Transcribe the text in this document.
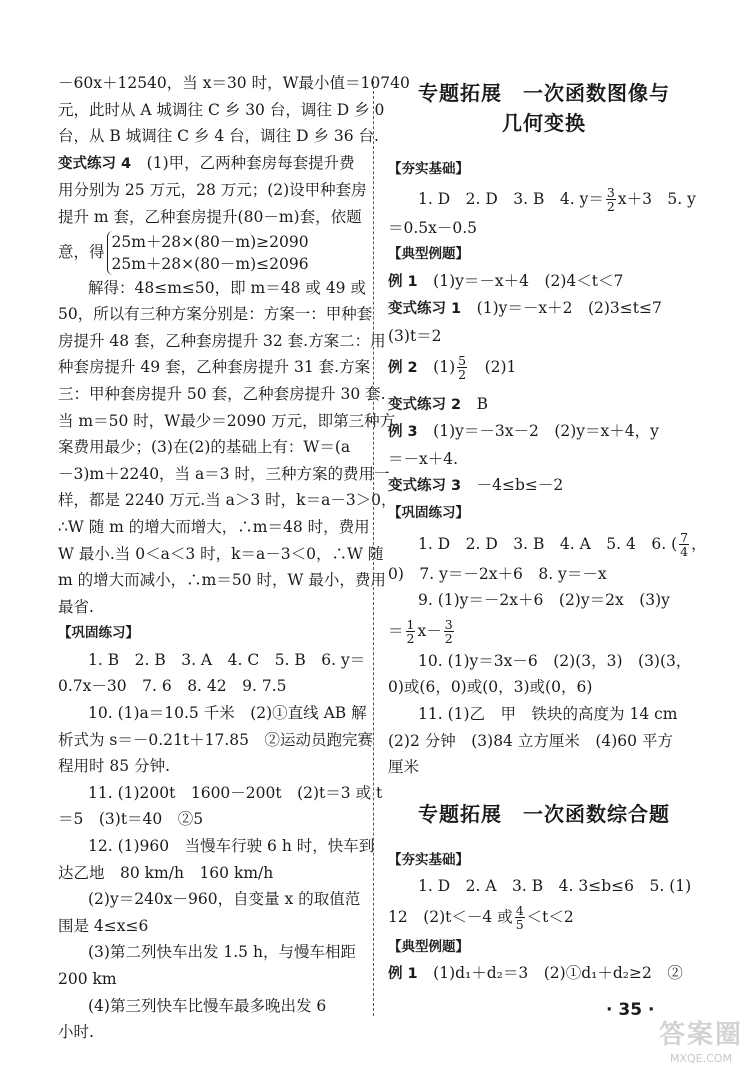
－60x＋12540，当 x＝30 时，W最小值＝10740
元，此时从 A 城调往 C 乡 30 台，调往 D 乡 0
台，从 B 城调往 C 乡 4 台，调往 D 乡 36 台.
变式练习 4　 (1)甲，乙两种套房每套提升费
用分别为 25 万元，28 万元；(2)设甲种套房
提升 m 套，乙种套房提升(80－m)套，依题
意，得
25m＋28×(80－m)≥2090
25m＋28×(80－m)≤2096
解得：48≤m≤50，即 m＝48 或 49 或
50，所以有三种方案分别是：方案一：甲种套
房提升 48 套，乙种套房提升 32 套.方案二：用
种套房提升 49 套，乙种套房提升 31 套.方案
三：甲种套房提升 50 套，乙种套房提升 30 套.
当 m＝50 时，W最少＝2090 万元，即第三种方
案费用最少；(3)在(2)的基础上有：W＝(a
－3)m＋2240，当 a＝3 时，三种方案的费用一
样，都是 2240 万元.当 a＞3 时，k＝a－3＞0，
∴W 随 m 的增大而增大，∴m＝48 时，费用
W 最小.当 0＜a＜3 时，k＝a－3＜0，∴W 随
m 的增大而减小，∴m＝50 时，W 最小，费用
最省.
【巩固练习】
1. B　2. B　3. A　4. C　5. B　6. y＝
0.7x－30　7. 6　8. 42　9. 7.5
10. (1)a＝10.5 千米　(2)①直线 AB 解
析式为 s＝－0.21t＋17.85　②运动员跑完赛
程用时 85 分钟.
11. (1)200t　1600－200t　(2)t＝3 或 t
＝5　(3)t＝40　②5
12. (1)960　当慢车行驶 6 h 时，快车到
达乙地　80 km/h　160 km/h
(2)y＝240x－960，自变量 x 的取值范
围是 4≤x≤6
(3)第二列快车出发 1.5 h，与慢车相距
200 km
(4)第三列快车比慢车最多晚出发 6
小时.
专题拓展　一次函数图像与
几何变换
【夯实基础】
1. D　2. D　3. B　4. $y= \frac{3}{2} x+3$　5. y
＝0.5x－0.5
【典型例题】
例 1　 (1)y＝－x＋4　(2)4＜t＜7
变式练习 1　 (1)y＝－x＋2　(2)3≤t≤7
(3)t＝2
例 2　 $(1) \frac{5}{2}$
　 (2)1
变式练习 2　 B
例 3　 (1)y＝－3x－2　(2)y＝x＋4，y
＝－x＋4.
变式练习 3　 －4≤b≤－2
【巩固练习】
1. D　2. D　3. B　4. A　5. 4　6. ( $\frac{7}{4}$ ，
0)　7. y＝－2x＋6　8. y＝－x
9. (1)y＝－2x＋6　(2)y＝2x　(3)y
＝ $\frac{1}{2} x- \frac{3}{2}$
10. (1)y＝3x－6　(2)(3，3)　(3)(3，
0)或(6，0)或(0，3)或(0，6)
11. (1)乙　甲　铁块的高度为 14 cm
(2)2 分钟　(3)84 立方厘米　(4)60 平方
厘米
专题拓展　一次函数综合题
【夯实基础】
1. D　2. A　3. B　4. 3≤b≤6　5. (1)
12　(2)t＜－4 或 $\frac{4}{5} <t<2$
【典型例题】
例 1　 (1)d₁＋d₂＝3　(2)①d₁＋d₂≥2　②
· 35 ·
答案圈
MXQE.COM
